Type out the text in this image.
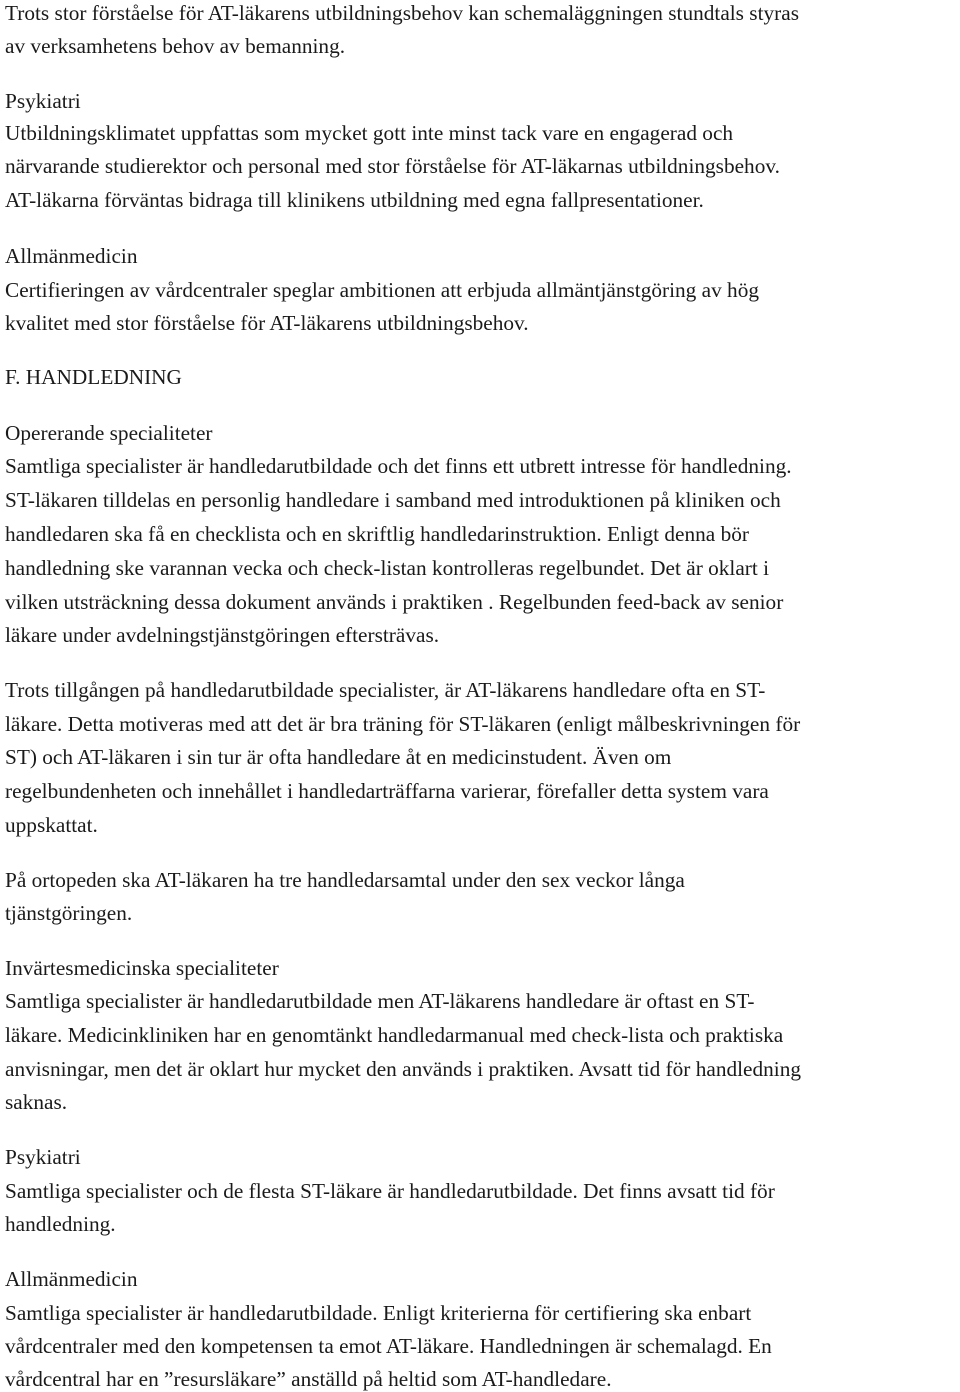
Trots stor förståelse för AT-läkarens utbildningsbehov kan schemaläggningen stundtals styras
av verksamhetens behov av bemanning.
Psykiatri
Utbildningsklimatet uppfattas som mycket gott inte minst tack vare en engagerad och
närvarande studierektor och personal med stor förståelse för AT-läkarnas utbildningsbehov.
AT-läkarna förväntas bidraga till klinikens utbildning med egna fallpresentationer.
Allmänmedicin
Certifieringen av vårdcentraler speglar ambitionen att erbjuda allmäntjänstgöring av hög
kvalitet med stor förståelse för AT-läkarens utbildningsbehov.
F. HANDLEDNING
Opererande specialiteter
Samtliga specialister är handledarutbildade och det finns ett utbrett intresse för handledning.
ST-läkaren tilldelas en personlig handledare i samband med introduktionen på kliniken och
handledaren ska få en checklista och en skriftlig handledarinstruktion. Enligt denna bör
handledning ske varannan vecka och check-listan kontrolleras regelbundet. Det är oklart i
vilken utsträckning dessa dokument används i praktiken . Regelbunden feed-back av senior
läkare under avdelningstjänstgöringen eftersträvas.
Trots tillgången på handledarutbildade specialister, är AT-läkarens handledare ofta en ST-
läkare. Detta motiveras med att det är bra träning för ST-läkaren (enligt målbeskrivningen för
ST) och AT-läkaren i sin tur är ofta handledare åt en medicinstudent. Även om
regelbundenheten och innehållet i handledarträffarna varierar, förefaller detta system vara
uppskattat.
På ortopeden ska AT-läkaren ha tre handledarsamtal under den sex veckor långa
tjänstgöringen.
Invärtesmedicinska specialiteter
Samtliga specialister är handledarutbildade men AT-läkarens handledare är oftast en ST-
läkare. Medicinkliniken har en genomtänkt handledarmanual med check-lista och praktiska
anvisningar, men det är oklart hur mycket den används i praktiken. Avsatt tid för handledning
saknas.
Psykiatri
Samtliga specialister och de flesta ST-läkare är handledarutbildade. Det finns avsatt tid för
handledning.
Allmänmedicin
Samtliga specialister är handledarutbildade. Enligt kriterierna för certifiering ska enbart
vårdcentraler med den kompetensen ta emot AT-läkare. Handledningen är schemalagd. En
vårdcentral har en ”resursläkare” anställd på heltid som AT-handledare.
